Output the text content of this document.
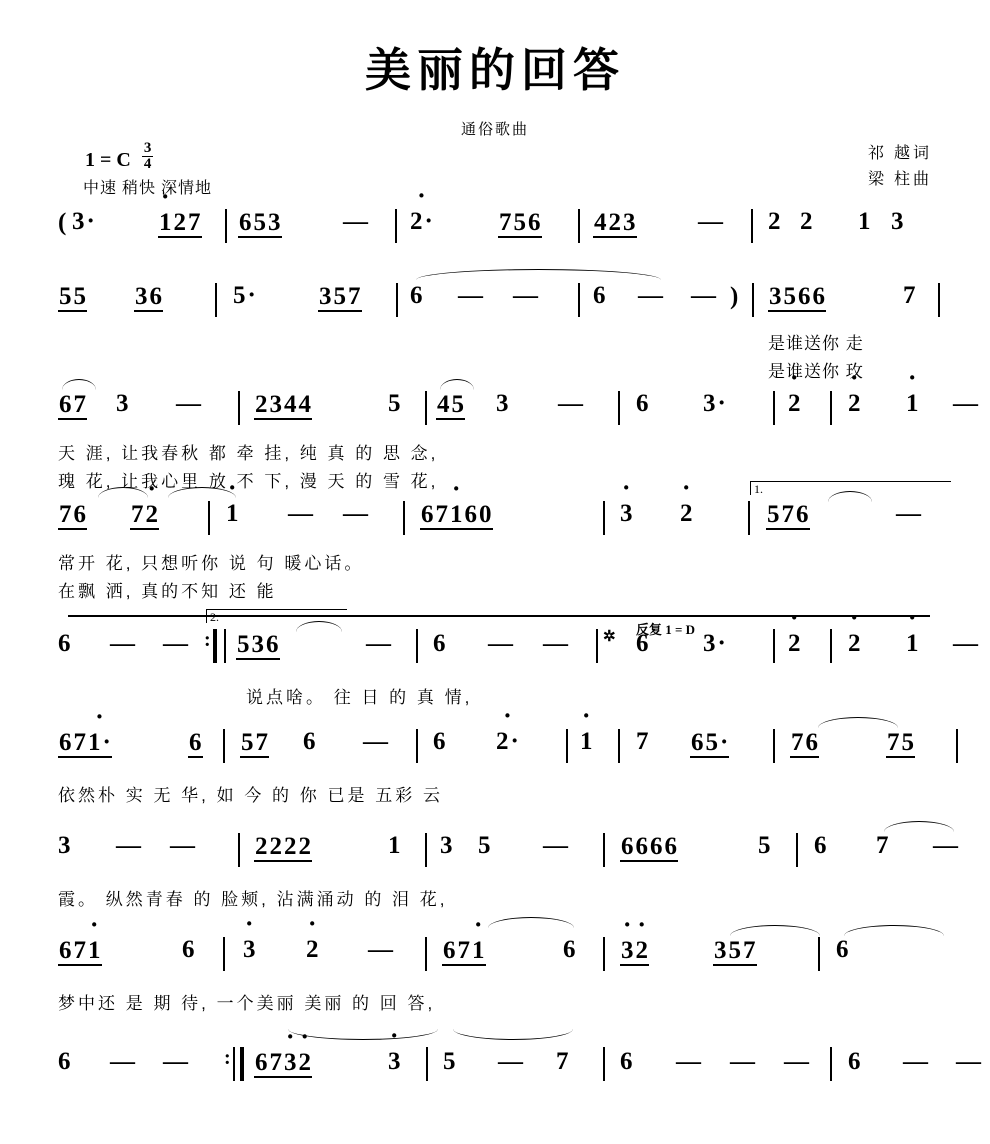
美丽的回答
通俗歌曲
1 = C $\frac{3}{4}$
中速 稍快 深情地
祁 越词
梁 柱曲
( 3 ·	· 127 653	— · 2 ·	756 423	— 2 2 1 3
55 36	5 ·	357 6 — — 6 — — ) 3566	7
是谁送你 走
是谁送你 玫
67 3 — 2344	5 45 3 — 6 3 ·	· 2 · 2 · 1 —
天 涯, 让我春秋 都 牵 挂, 纯 真 的 思 念,
瑰 花, 让我心里 放 不 下, 漫 天 的 雪 花,
76 7· 2	· 1 — — 67· 160	· 3 · 2
1.
576	—
常开 花, 只想听你 说 句 暖心话。
在飘 洒, 真的不知 还 能
6 — —
2.
: 536	— 6 — — ✲ 反复 1 = D
6 3 ·	· 2 · 2 · 1 —
说点啥。 往 日 的 真 情,
67· 1 ·	6 57 6 — 6 · 2 ·	· 1 7 65 ·	76	75
依然朴 实 无 华, 如 今 的 你 已是 五彩 云
3 — — 2222	1 3 5 — 6666	5 6 7 —
霞。 纵然青春 的 脸颊, 沾满涌动 的 泪 花,
67· 1	6 · 3 · 2 — 67· 1	6 · 3· 2	357	6
梦中还 是 期 待, 一个美丽 美丽 的 回 答,
6 — — : 67· 3· 2	· 3 5 — 7 6 — — — 6 — —
